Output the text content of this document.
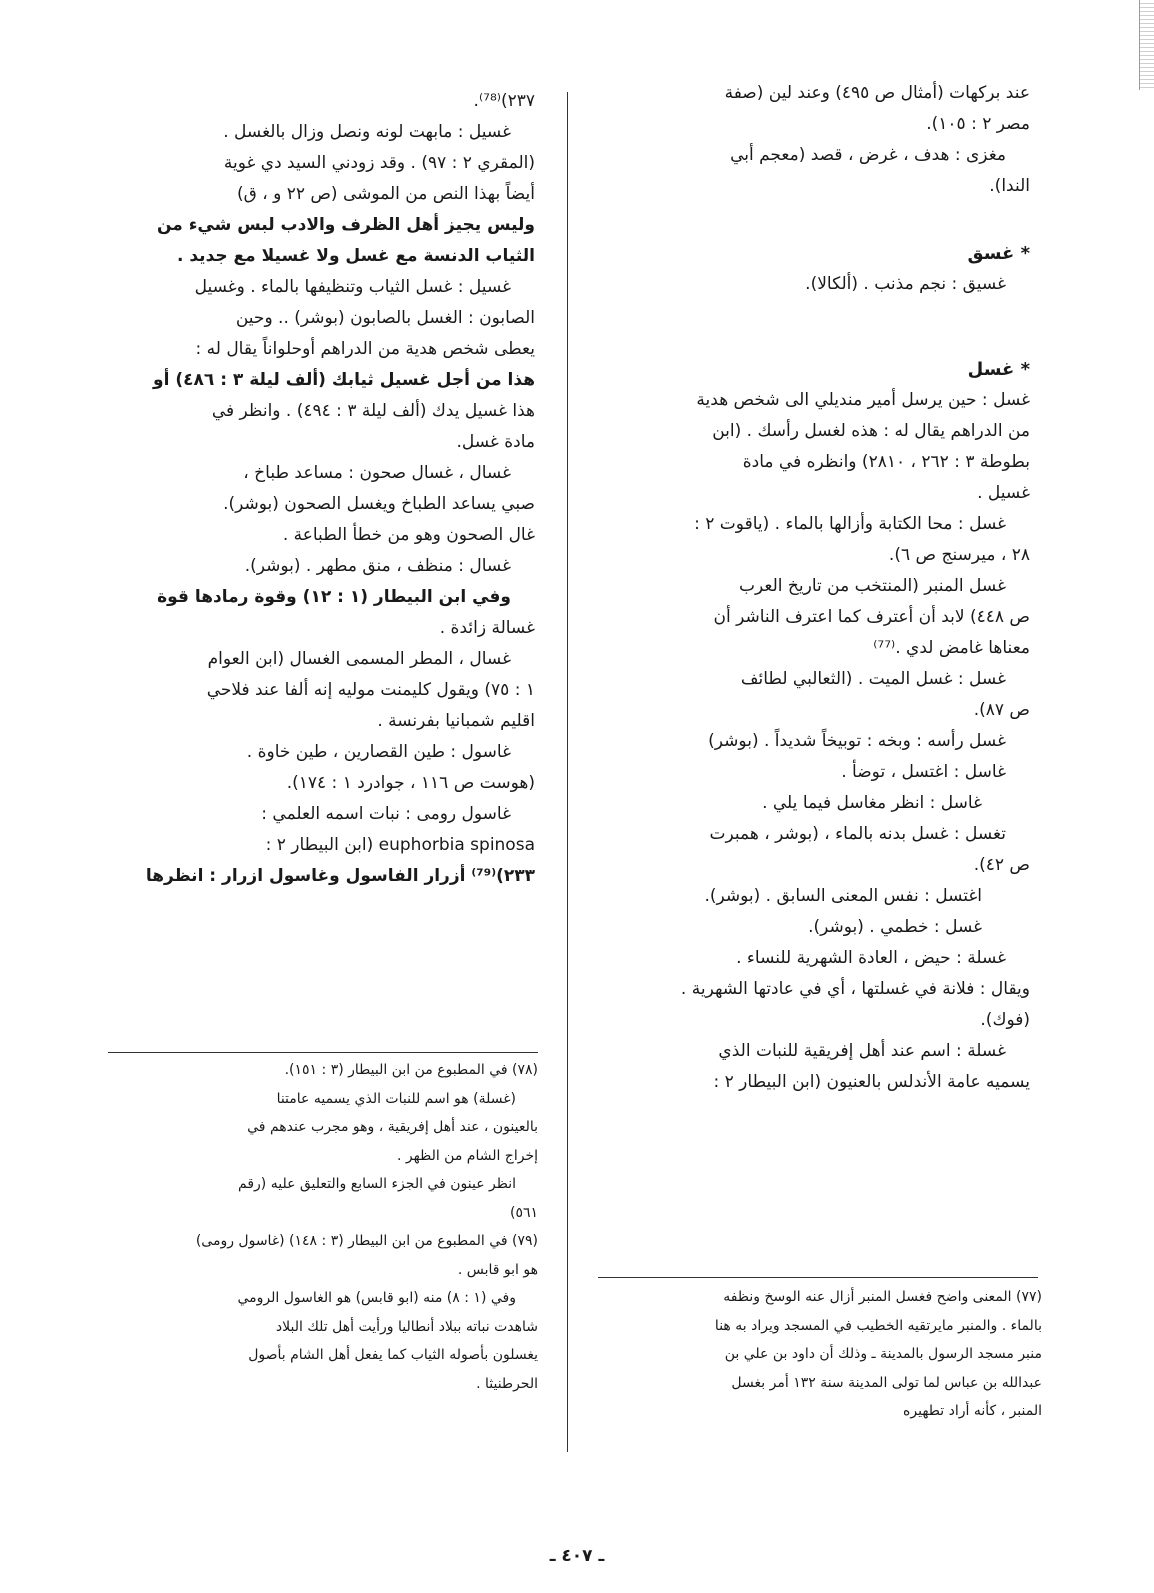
عند بركهات (أمثال ص ٤٩٥) وعند لين (صفة

مصر ٢ : ١٠٥).

مغزى : هدف ، غرض ، قصد (معجم أبي

الندا).

* غسق

غسيق : نجم مذنب . (ألكالا).

* غسل

غسل : حين يرسل أمير منديلي الى شخص هدية

من الدراهم يقال له : هذه لغسل رأسك . (ابن

بطوطة ٣ : ٢٦٢ ، ٢٨١٠) وانظره في مادة

غسيل .

غسل : محا الكتابة وأزالها بالماء . (ياقوت ٢ :

٢٨ ، ميرسنج ص ٦).

غسل المنبر (المنتخب من تاريخ العرب

ص ٤٤٨) لابد أن أعترف كما اعترف الناشر أن

معناها غامض لدي .⁽⁷⁷⁾

غسل : غسل الميت . (الثعالبي لطائف

ص ٨٧).

غسل رأسه : وبخه : توبيخاً شديداً . (بوشر)

غاسل : اغتسل ، توضأ .

غاسل : انظر مغاسل فيما يلي .

تغسل : غسل بدنه بالماء ، (بوشر ، همبرت

ص ٤٢).

اغتسل : نفس المعنى السابق . (بوشر).

غسل : خطمي . (بوشر).

غسلة : حيض ، العادة الشهرية للنساء .

ويقال : فلانة في غسلتها ، أي في عادتها الشهرية .

(فوك).

غسلة : اسم عند أهل إفريقية للنبات الذي

يسميه عامة الأندلس بالعنيون (ابن البيطار ٢ :

٢٣٧)⁽⁷⁸⁾.

غسيل : مابهت لونه ونصل وزال بالغسل .

(المقري ٢ : ٩٧) . وقد زودني السيد دي غوية

أيضاً بهذا النص من الموشى (ص ٢٢ و ، ق)

وليس يجيز أهل الظرف والادب لبس شيء من

الثياب الدنسة مع غسل ولا غسيلا مع جديد .

غسيل : غسل الثياب وتنظيفها بالماء . وغسيل

الصابون : الغسل بالصابون (بوشر) .. وحين

يعطى شخص هدية من الدراهم أوحلواناً يقال له :

هذا من أجل غسيل ثيابك (ألف ليلة ٣ : ٤٨٦) أو

هذا غسيل يدك (ألف ليلة ٣ : ٤٩٤) . وانظر في

مادة غسل.

غسال ، غسال صحون : مساعد طباخ ،

صبي يساعد الطباخ ويغسل الصحون (بوشر).

غال الصحون وهو من خطأ الطباعة .

غسال : منظف ، منق مطهر . (بوشر).

وفي ابن البيطار (١ : ١٢) وقوة رمادها قوة

غسالة زائدة .

غسال ، المطر المسمى الغسال (ابن العوام

١ : ٧٥) ويقول كليمنت موليه إنه ألفا عند فلاحي

اقليم شمبانيا بفرنسة .

غاسول : طين القصارين ، طين خاوة .

(هوست ص ١١٦ ، جوادرد ١ : ١٧٤).

غاسول رومى : نبات اسمه العلمي :

euphorbia spinosa (ابن البيطار ٢ :

٢٣٣)⁽⁷⁹⁾ أزرار الفاسول وغاسول ازرار : انظرها

(٧٨) في المطبوع من ابن البيطار (٣ : ١٥١).

(غسلة) هو اسم للنبات الذي يسميه عامتنا

بالعينون ، عند أهل إفريقية ، وهو مجرب عندهم في

إخراج الشام من الظهر .

انظر عينون في الجزء السابع والتعليق عليه (رقم

٥٦١)

(٧٩) في المطبوع من ابن البيطار (٣ : ١٤٨) (غاسول رومى)

هو ابو قابس .

وفي (١ : ٨) منه (ابو قابس) هو الغاسول الرومي

شاهدت نباته ببلاد أنطاليا ورأيت أهل تلك البلاد

يغسلون بأصوله الثياب كما يفعل أهل الشام بأصول

الحرطنيثا .

(٧٧) المعنى واضح فغسل المنبر أزال عنه الوسخ ونظفه

بالماء . والمنبر مايرتقيه الخطيب في المسجد ويراد به هنا

منبر مسجد الرسول بالمدينة ـ وذلك أن داود بن علي بن

عبدالله بن عباس لما تولى المدينة سنة ١٣٢ أمر بغسل

المنبر ، كأنه أراد تطهيره

ـ ٤٠٧ ـ
